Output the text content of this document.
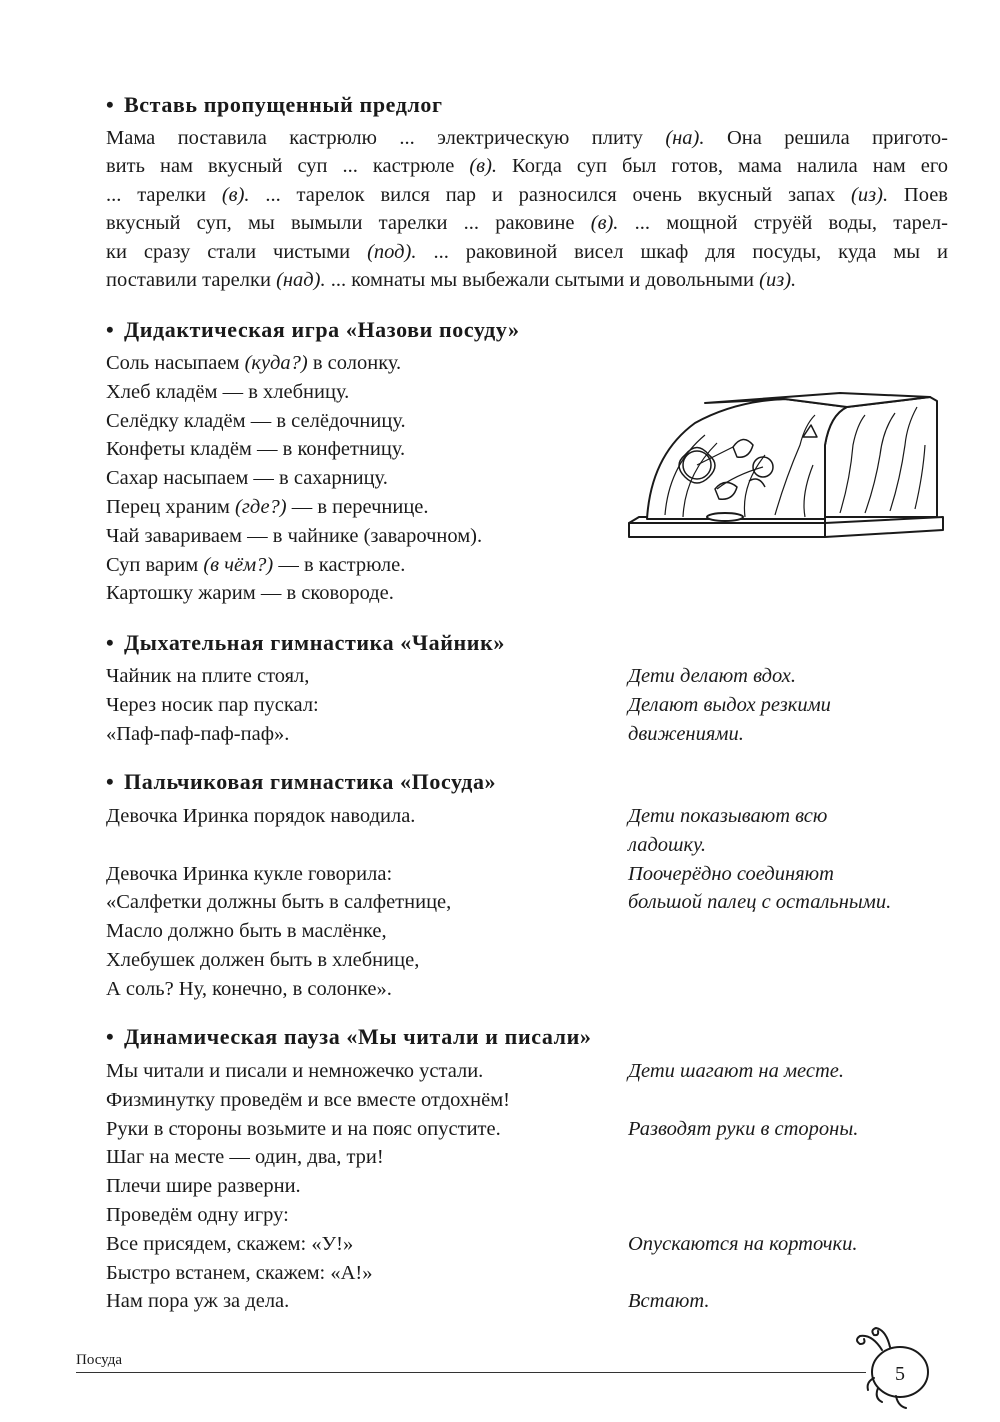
• Вставь пропущенный предлог
Мама поставила кастрюлю ... электрическую плиту (на). Она решила пригото-
вить нам вкусный суп ... кастрюле (в). Когда суп был готов, мама налила нам его
... тарелки (в). ... тарелок вился пар и разносился очень вкусный запах (из). Поев
вкусный суп, мы вымыли тарелки ... раковине (в). ... мощной струёй воды, тарел-
ки сразу стали чистыми (под). ... раковиной висел шкаф для посуды, куда мы и
поставили тарелки (над). ... комнаты мы выбежали сытыми и довольными (из).
• Дидактическая игра «Назови посуду»
Соль насыпаем (куда?) в солонку.
Хлеб кладём — в хлебницу.
Селёдку кладём — в селёдочницу.
Конфеты кладём — в конфетницу.
Сахар насыпаем — в сахарницу.
Перец храним (где?) — в перечнице.
Чай завариваем — в чайнике (заварочном).
Суп варим (в чём?) — в кастрюле.
Картошку жарим — в сковороде.
• Дыхательная гимнастика «Чайник»
Чайник на плите стоял,
Через носик пар пускал:
«Паф-паф-паф-паф».
Дети делают вдох.
Делают выдох резкими
движениями.
• Пальчиковая гимнастика «Посуда»
Девочка Иринка порядок наводила.
Девочка Иринка кукле говорила:
«Салфетки должны быть в салфетнице,
Масло должно быть в маслёнке,
Хлебушек должен быть в хлебнице,
А соль? Ну, конечно, в солонке».
Дети показывают всю
ладошку.
Поочерёдно соединяют
большой палец с остальными.
• Динамическая пауза «Мы читали и писали»
Мы читали и писали и немножечко устали.
Физминутку проведём и все вместе отдохнём!
Руки в стороны возьмите и на пояс опустите.
Шаг на месте — один, два, три!
Плечи шире разверни.
Проведём одну игру:
Все присядем, скажем: «У!»
Быстро встанем, скажем: «А!»
Нам пора уж за дела.
Дети шагают на месте.
Разводят руки в стороны.
Опускаются на корточки.
Встают.
Посуда
5
